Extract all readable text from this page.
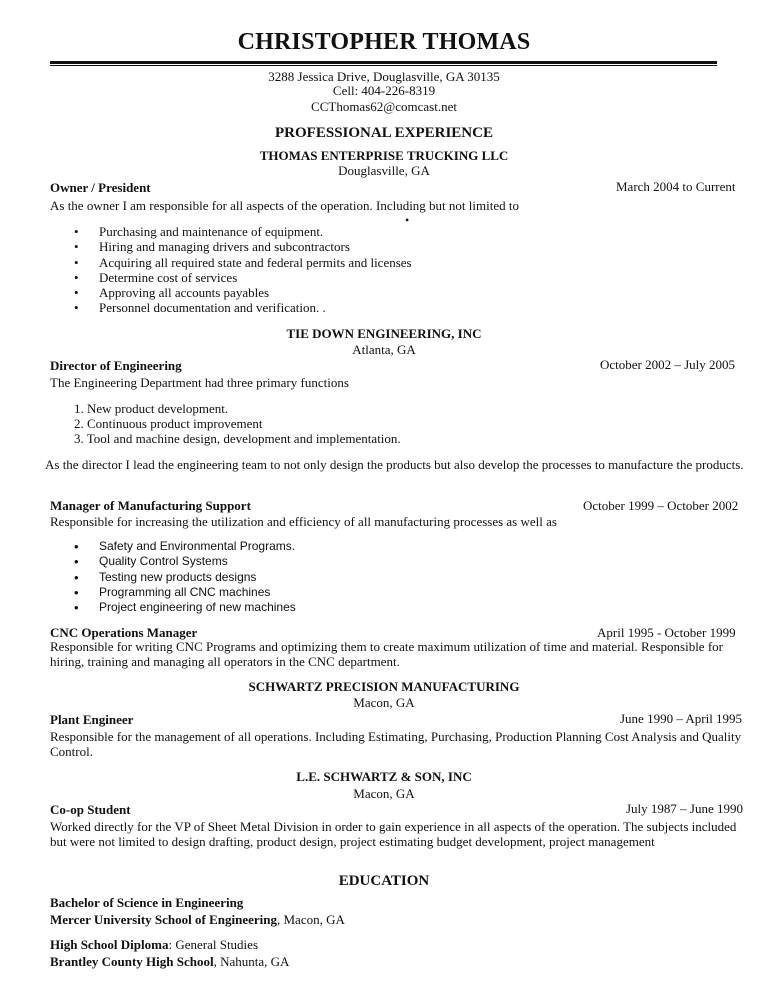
CHRISTOPHER THOMAS
3288 Jessica Drive, Douglasville, GA 30135
Cell: 404-226-8319
CCThomas62@comcast.net
PROFESSIONAL EXPERIENCE
THOMAS ENTERPRISE TRUCKING LLC
Douglasville, GA
Owner / President	March 2004 to Current
As the owner I am responsible for all aspects of the operation. Including but not limited to
•
• Purchasing and maintenance of equipment.
• Hiring and managing drivers and subcontractors
• Acquiring all required state and federal permits and licenses
• Determine cost of services
• Approving all accounts payables
• Personnel documentation and verification. .
TIE DOWN ENGINEERING, INC
Atlanta, GA
Director of Engineering	October 2002 – July 2005
The Engineering Department had three primary functions
1. New product development.
2. Continuous product improvement
3. Tool and machine design, development and implementation.
As the director I lead the engineering team to not only design the products but also develop the processes to manufacture the products.
Manager of Manufacturing Support	October 1999 – October 2002
Responsible for increasing the utilization and efficiency of all manufacturing processes as well as
• Safety and Environmental Programs.
• Quality Control Systems
• Testing new products designs
• Programming all CNC machines
• Project engineering of new machines
CNC Operations Manager	April 1995 - October 1999
Responsible for writing CNC Programs and optimizing them to create maximum utilization of time and material. Responsible for hiring, training and managing all operators in the CNC department.
SCHWARTZ PRECISION MANUFACTURING
Macon, GA
Plant Engineer	June 1990 – April 1995
Responsible for the management of all operations. Including Estimating, Purchasing, Production Planning Cost Analysis and Quality Control.
L.E. SCHWARTZ & SON, INC
Macon, GA
Co-op Student	July 1987 – June 1990
Worked directly for the VP of Sheet Metal Division in order to gain experience in all aspects of the operation. The subjects included but were not limited to design drafting, product design, project estimating budget development, project management
EDUCATION
Bachelor of Science in Engineering
Mercer University School of Engineering, Macon, GA
High School Diploma: General Studies
Brantley County High School, Nahunta, GA
